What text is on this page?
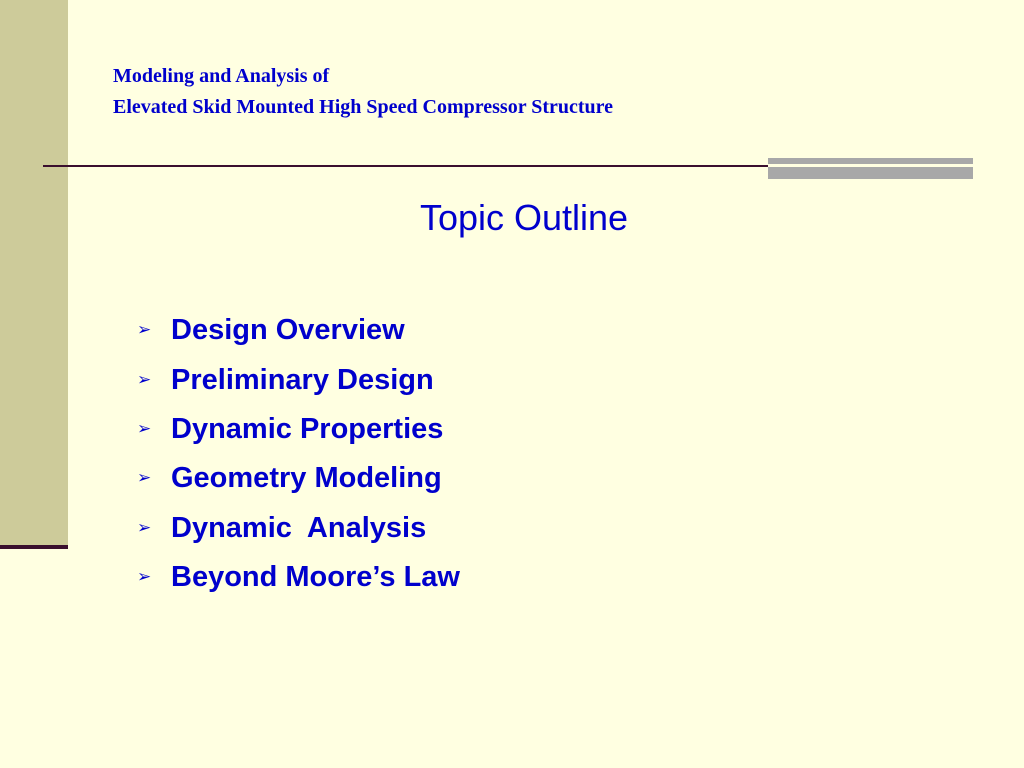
Modeling and Analysis of
Elevated Skid Mounted High Speed Compressor Structure
Topic Outline
➢ Design Overview
➢ Preliminary Design
➢ Dynamic Properties
➢ Geometry Modeling
➢ Dynamic  Analysis
➢ Beyond Moore’s Law
